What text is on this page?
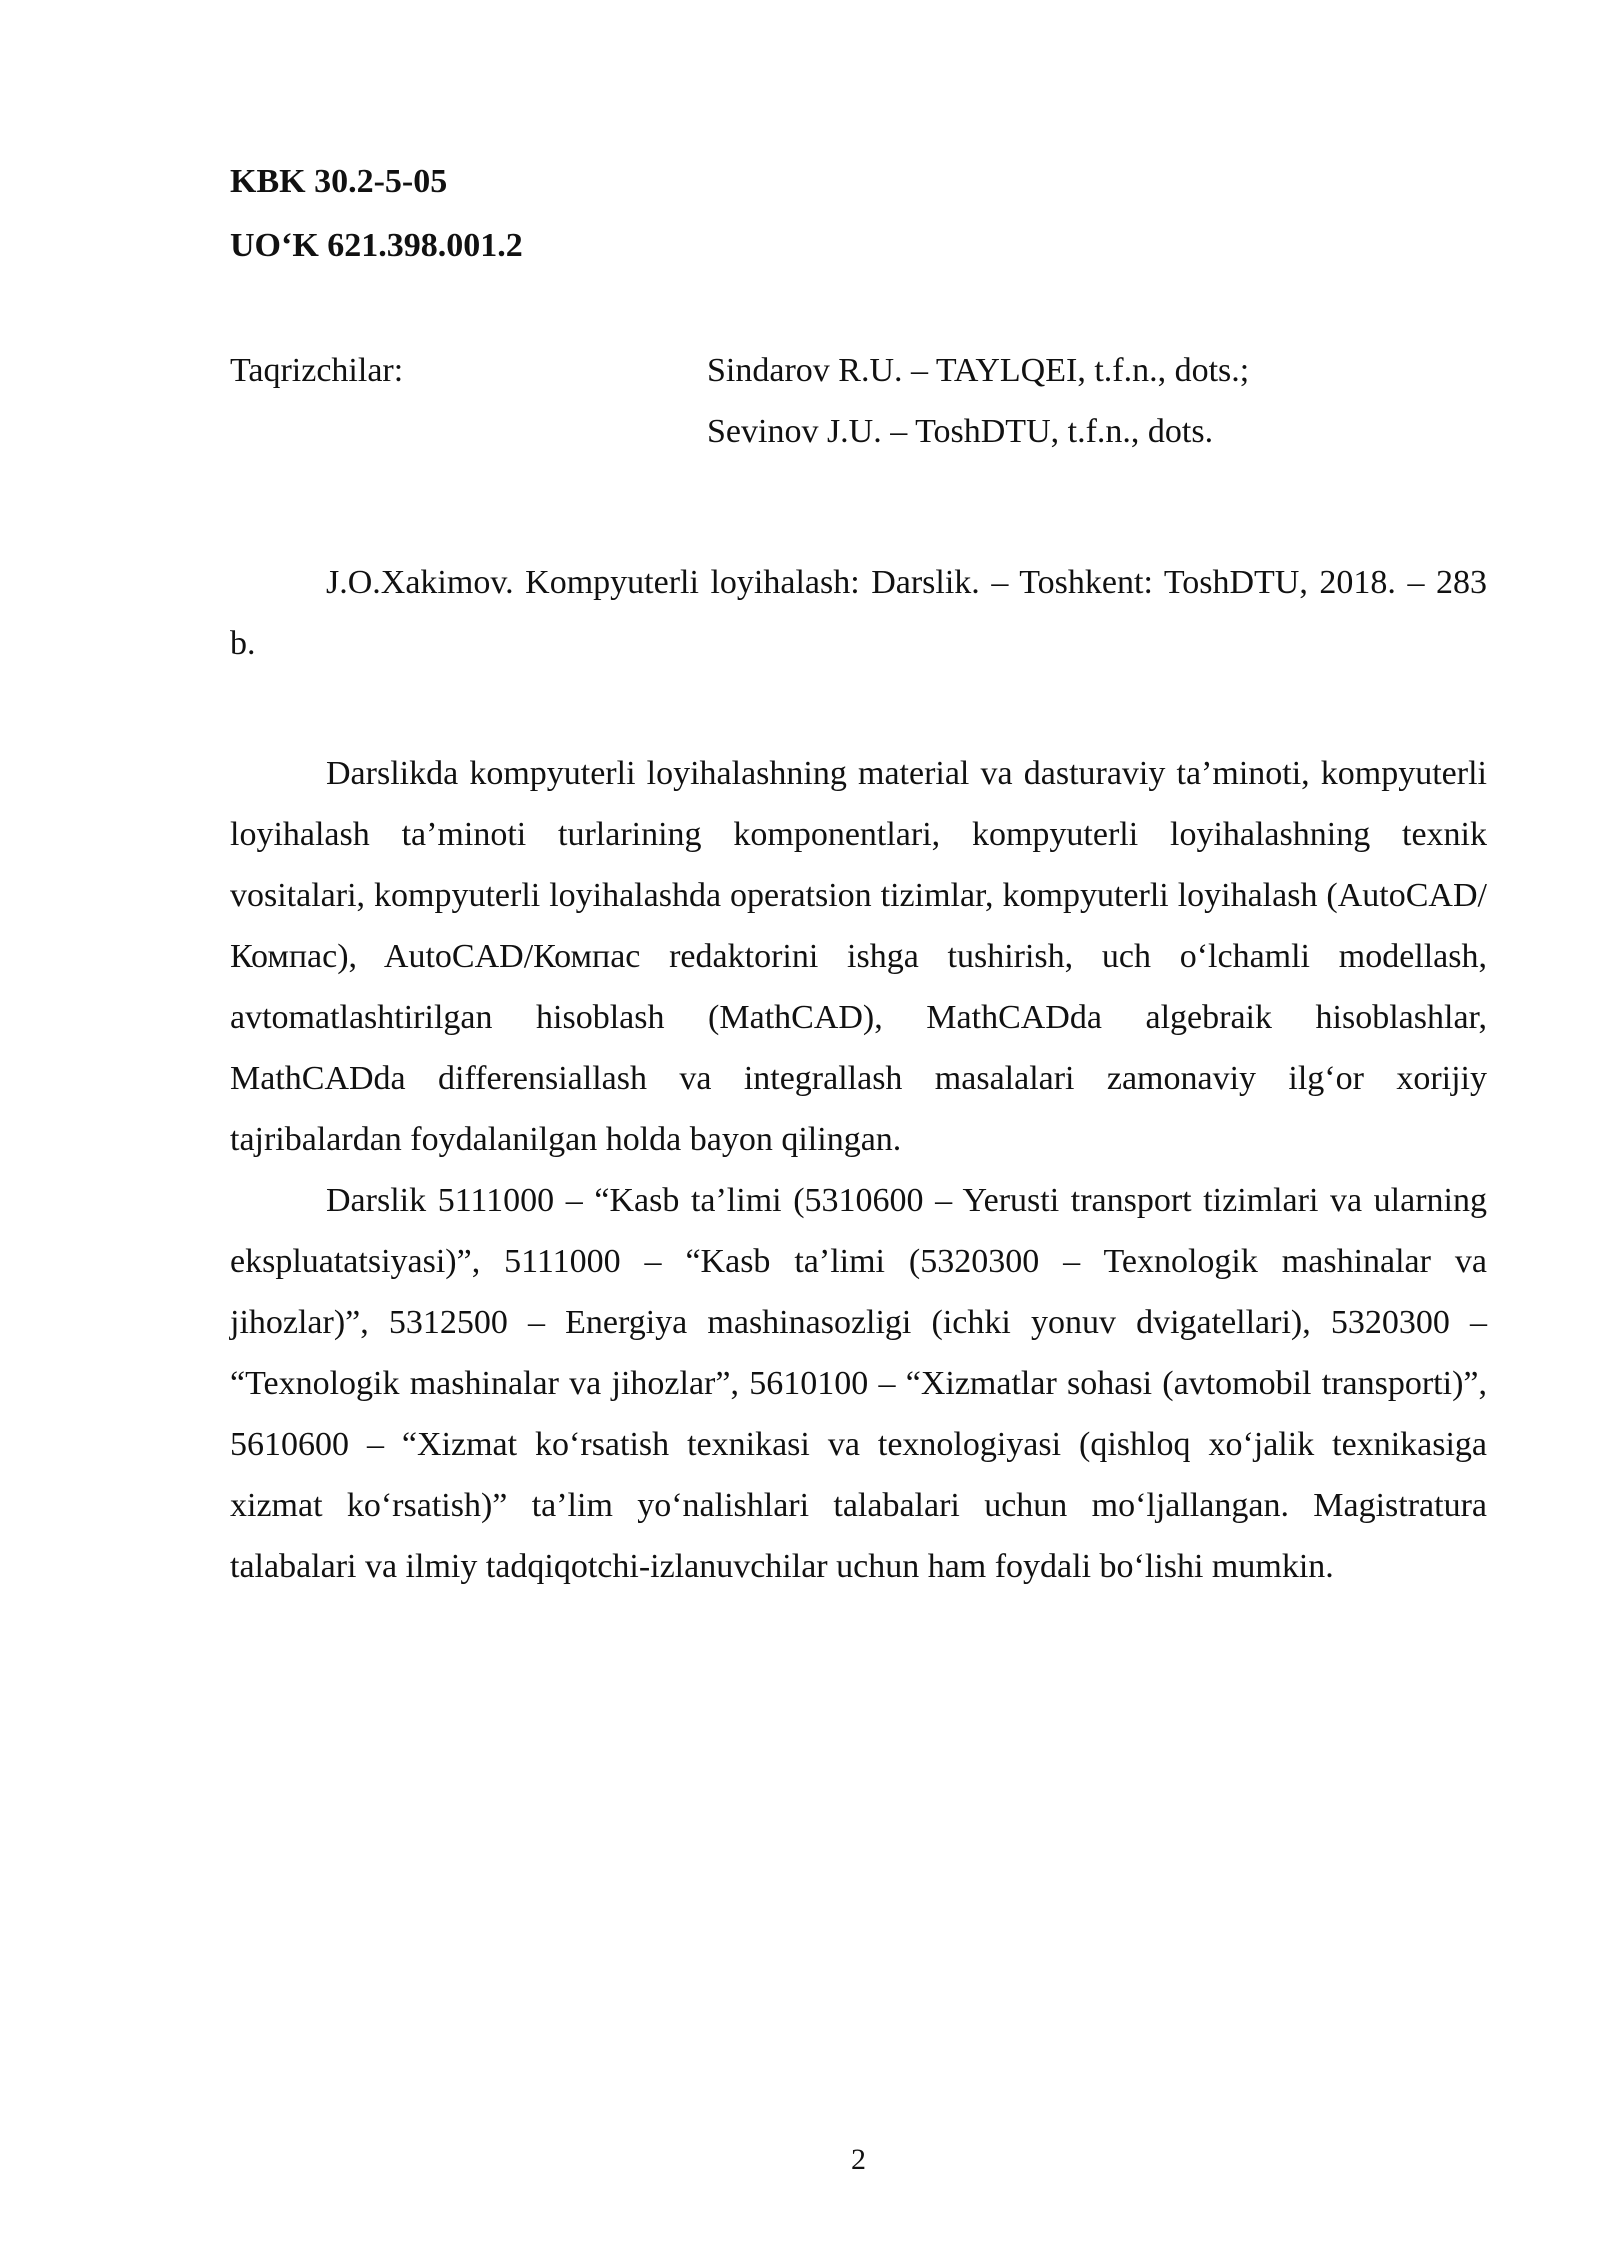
KBK 30.2-5-05
UO‘K 621.398.001.2
Taqrizchilar:	Sindarov R.U. – TAYLQEI, t.f.n., dots.;
Sevinov J.U. – ToshDTU, t.f.n., dots.

J.O.Xakimov. Kompyuterli loyihalash: Darslik. – Toshkent: ToshDTU, 2018. – 283 b.

Darslikda kompyuterli loyihalashning material va dasturaviy ta’minoti, kompyuterli loyihalash ta’minoti turlarining komponentlari, kompyuterli loyihalashning texnik vositalari, kompyuterli loyihalashda operatsion tizimlar, kompyuterli loyihalash (AutoCAD/Компас), AutoCAD/Компас redaktorini ishga tushirish, uch o‘lchamli modellash, avtomatlashtirilgan hisoblash (MathCAD), MathCADda algebraik hisoblashlar, MathCADda differensiallash va integrallash masalalari zamonaviy ilg‘or xorijiy tajribalardan foydalanilgan holda bayon qilingan.

Darslik 5111000 – “Kasb ta’limi (5310600 – Yerusti transport tizimlari va ularning ekspluatatsiyasi)”, 5111000 – “Kasb ta’limi (5320300 – Texnologik mashinalar va jihozlar)”, 5312500 – Energiya mashinasozligi (ichki yonuv dvigatellari), 5320300 – “Texnologik mashinalar va jihozlar”, 5610100 – “Xizmatlar sohasi (avtomobil transporti)”, 5610600 – “Xizmat ko‘rsatish texnikasi va texnologiyasi (qishloq xo‘jalik texnikasiga xizmat ko‘rsatish)” ta’lim yo‘nalishlari talabalari uchun mo‘ljallangan. Magistratura talabalari va ilmiy tadqiqotchi-izlanuvchilar uchun ham foydali bo‘lishi mumkin.

2
